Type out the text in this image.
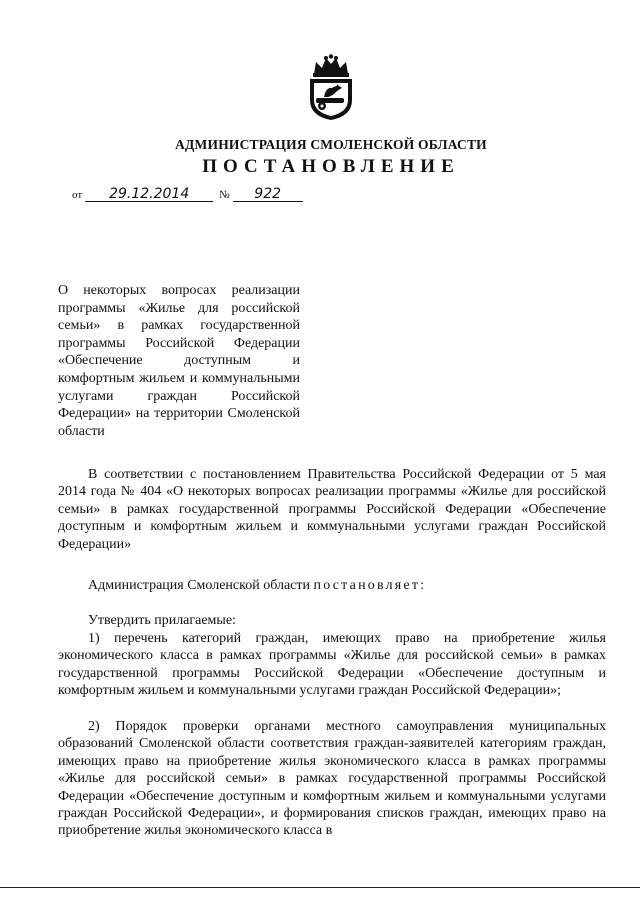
АДМИНИСТРАЦИЯ СМОЛЕНСКОЙ ОБЛАСТИ
ПОСТАНОВЛЕНИЕ
от 29.12.2014	№ 922

О некоторых вопросах реализации программы «Жилье для российской семьи» в рамках государственной программы Российской Федерации «Обеспечение доступным и комфортным жильем и коммунальными услугами граждан Российской Федерации» на территории Смоленской области

В соответствии с постановлением Правительства Российской Федерации от 5 мая 2014 года № 404 «О некоторых вопросах реализации программы «Жилье для российской семьи» в рамках государственной программы Российской Федерации «Обеспечение доступным и комфортным жильем и коммунальными услугами граждан Российской Федерации»

Администрация Смоленской области постановляет:

Утвердить прилагаемые:

1) перечень категорий граждан, имеющих право на приобретение жилья экономического класса в рамках программы «Жилье для российской семьи» в рамках государственной программы Российской Федерации «Обеспечение доступным и комфортным жильем и коммунальными услугами граждан Российской Федерации»;

2) Порядок проверки органами местного самоуправления муниципальных образований Смоленской области соответствия граждан-заявителей категориям граждан, имеющих право на приобретение жилья экономического класса в рамках программы «Жилье для российской семьи» в рамках государственной программы Российской Федерации «Обеспечение доступным и комфортным жильем и коммунальными услугами граждан Российской Федерации», и формирования списков граждан, имеющих право на приобретение жилья экономического класса в
